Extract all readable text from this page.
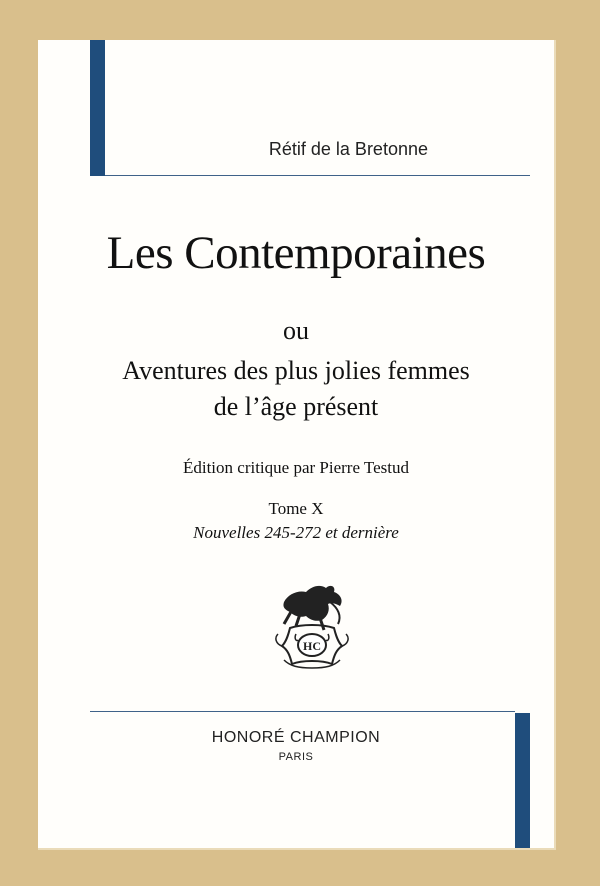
Rétif de la Bretonne
Les Contemporaines
ou
Aventures des plus jolies femmes
de l’âge présent
Édition critique par Pierre Testud
Tome X
Nouvelles 245-272 et dernière
HC
HONORÉ CHAMPION
PARIS
